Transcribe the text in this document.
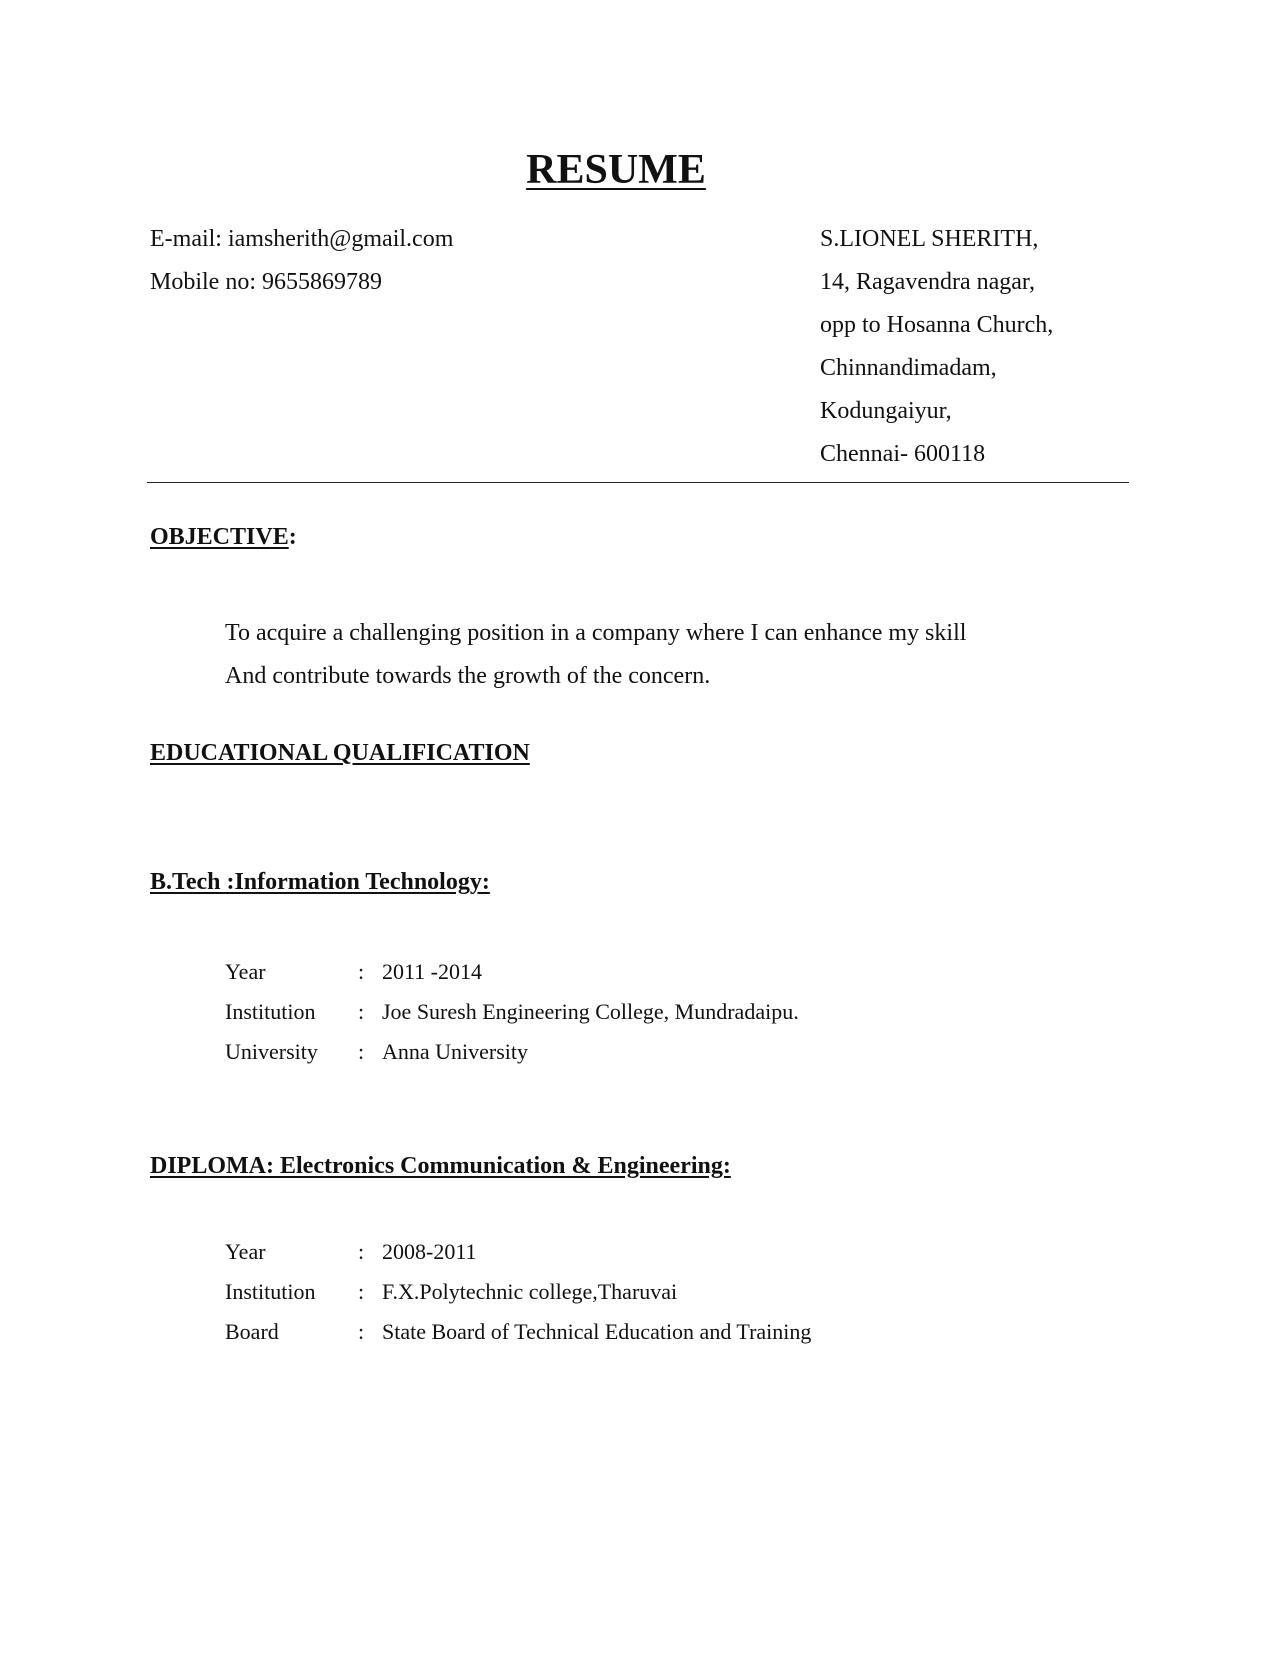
RESUME
E-mail: iamsherith@gmail.com
Mobile no: 9655869789
S.LIONEL SHERITH,
14, Ragavendra nagar,
opp to Hosanna Church,
Chinnandimadam,
Kodungaiyur,
Chennai- 600118
OBJECTIVE:
To acquire a challenging position in a company where I can enhance my skill
And contribute towards the growth of the concern.
EDUCATIONAL QUALIFICATION
B.Tech :Information Technology:
Year	: 2011 -2014
Institution	: Joe Suresh Engineering College, Mundradaipu.
University	: Anna University
DIPLOMA: Electronics Communication & Engineering:
Year	: 2008-2011
Institution	: F.X.Polytechnic college,Tharuvai
Board	: State Board of Technical Education and Training
